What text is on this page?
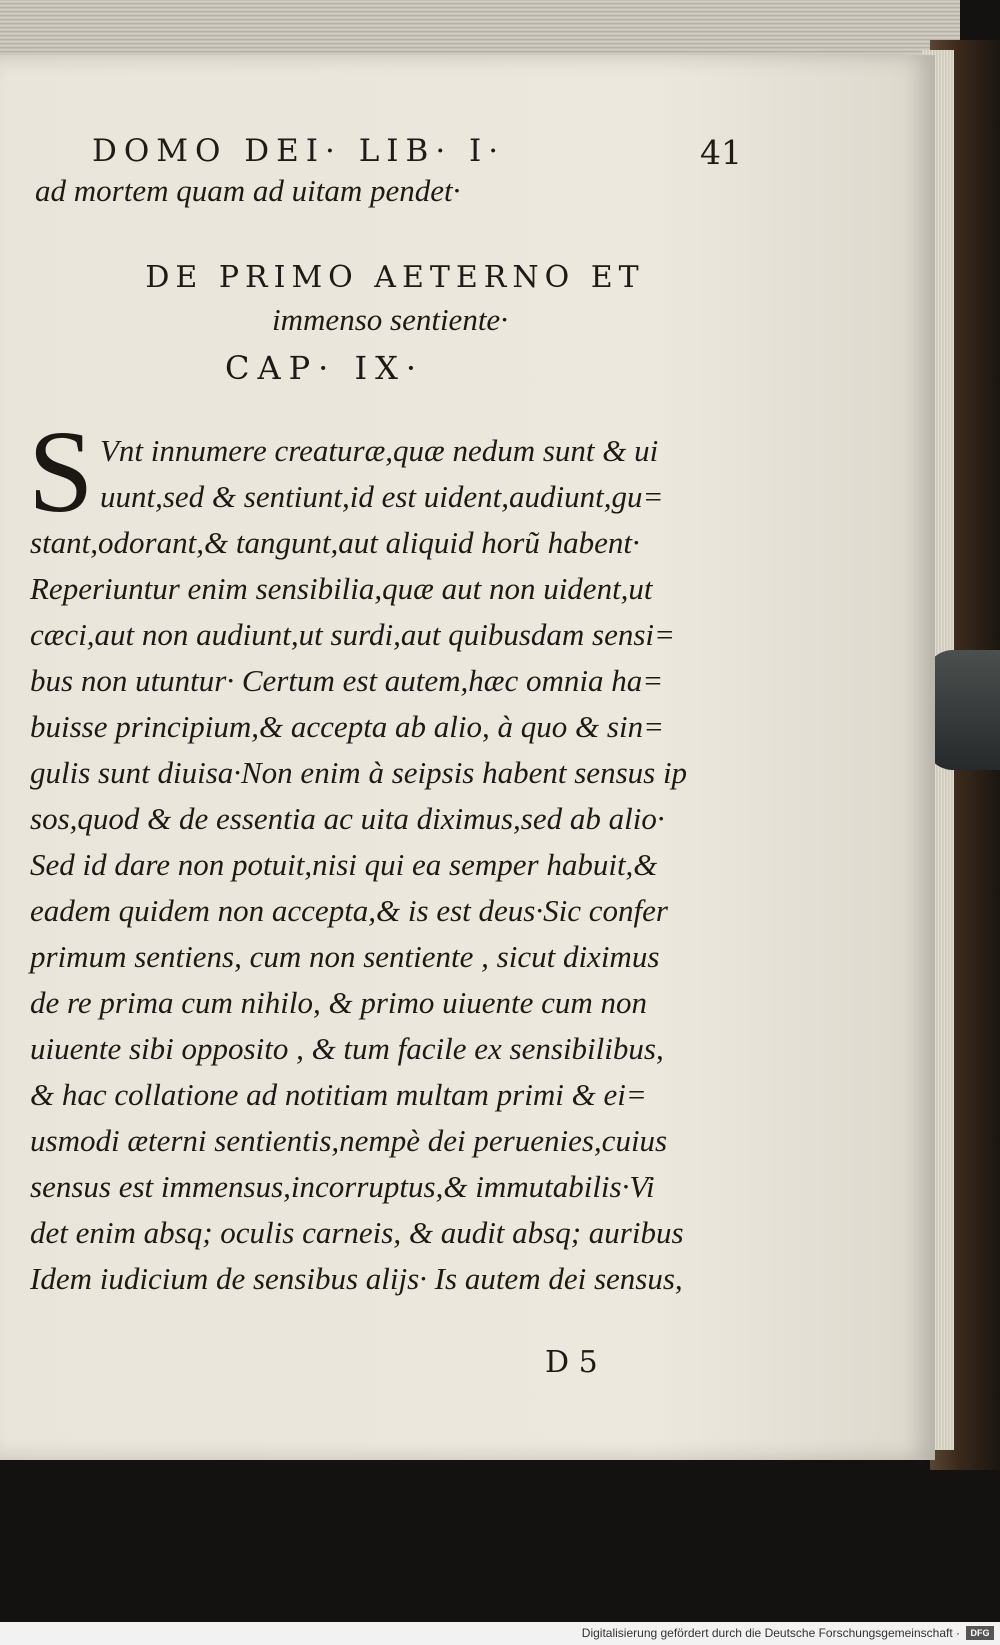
DOMO DEI· LIB· I·	41
ad mortem quam ad uitam pendet·
DE PRIMO AETERNO ET
immenso sentiente·
CAP· IX·
S Vnt innumere creaturæ,quæ nedum sunt & ui
uunt,sed & sentiunt,id est uident,audiunt,gu=
stant,odorant,& tangunt,aut aliquid horũ habent·
Reperiuntur enim sensibilia,quæ aut non uident,ut
cæci,aut non audiunt,ut surdi,aut quibusdam sensi=
bus non utuntur· Certum est autem,hæc omnia ha=
buisse principium,& accepta ab alio, à quo & sin=
gulis sunt diuisa·Non enim à seipsis habent sensus ip
sos,quod & de essentia ac uita diximus,sed ab alio·
Sed id dare non potuit,nisi qui ea semper habuit,&
eadem quidem non accepta,& is est deus·Sic confer
primum sentiens, cum non sentiente , sicut diximus
de re prima cum nihilo, & primo uiuente cum non
uiuente sibi opposito , & tum facile ex sensibilibus,
& hac collatione ad notitiam multam primi & ei=
usmodi æterni sentientis,nempè dei peruenies,cuius
sensus est immensus,incorruptus,& immutabilis·Vi
det enim absq; oculis carneis, & audit absq; auribus
Idem iudicium de sensibus alijs· Is autem dei sensus,
D 5
Digitalisierung gefördert durch die Deutsche Forschungsgemeinschaft ·	DFG
